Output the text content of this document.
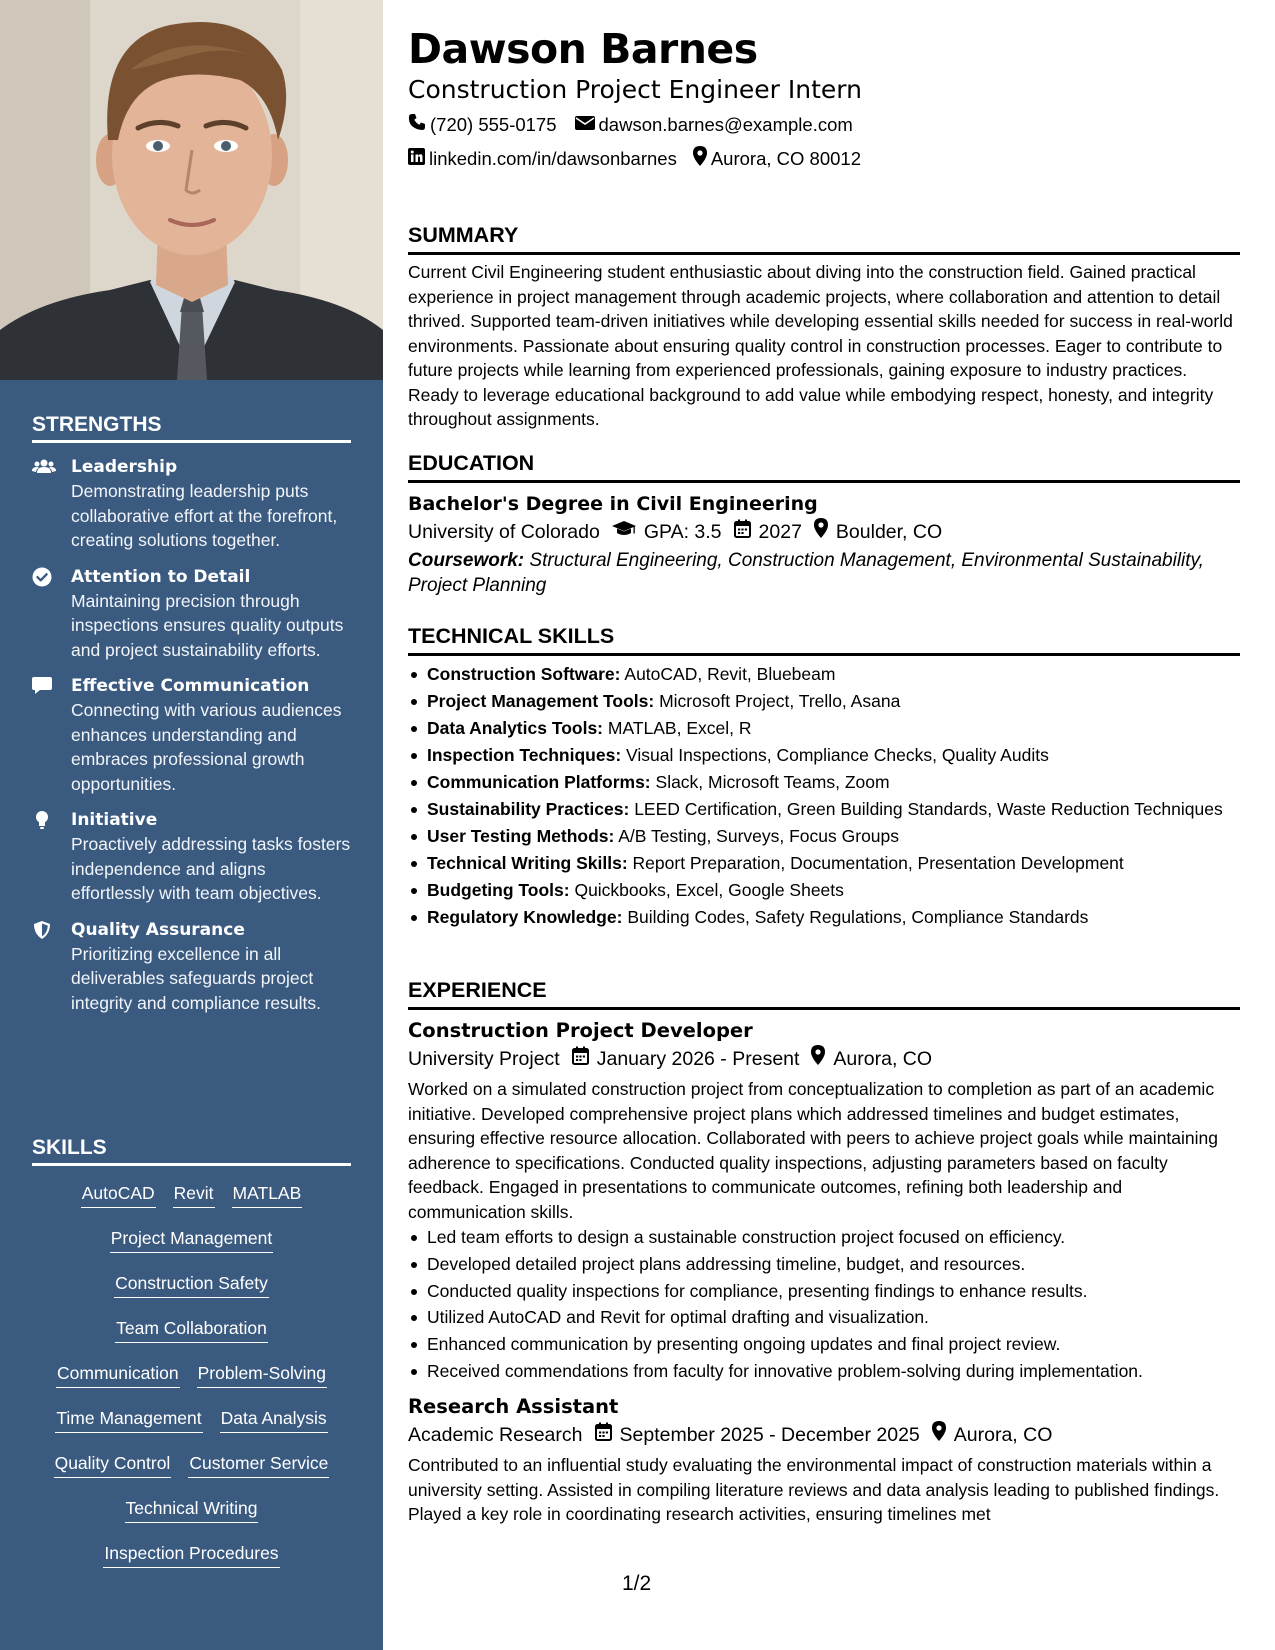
STRENGTHS
Leadership
Demonstrating leadership puts collaborative effort at the forefront, creating solutions together.
Attention to Detail
Maintaining precision through inspections ensures quality outputs and project sustainability efforts.
Effective Communication
Connecting with various audiences enhances understanding and embraces professional growth opportunities.
Initiative
Proactively addressing tasks fosters independence and aligns effortlessly with team objectives.
Quality Assurance
Prioritizing excellence in all deliverables safeguards project integrity and compliance results.
SKILLS
AutoCAD Revit MATLAB
Project Management
Construction Safety
Team Collaboration
Communication Problem-Solving
Time Management Data Analysis
Quality Control Customer Service
Technical Writing
Inspection Procedures
Dawson Barnes
Construction Project Engineer Intern
(720) 555-0175 dawson.barnes@example.com
linkedin.com/in/dawsonbarnes Aurora, CO 80012
SUMMARY
Current Civil Engineering student enthusiastic about diving into the construction field. Gained practical experience in project management through academic projects, where collaboration and attention to detail thrived. Supported team-driven initiatives while developing essential skills needed for success in real-world environments. Passionate about ensuring quality control in construction processes. Eager to contribute to future projects while learning from experienced professionals, gaining exposure to industry practices. Ready to leverage educational background to add value while embodying respect, honesty, and integrity throughout assignments.
EDUCATION
Bachelor's Degree in Civil Engineering
University of Colorado GPA: 3.5 2027 Boulder, CO
Coursework: Structural Engineering, Construction Management, Environmental Sustainability, Project Planning
TECHNICAL SKILLS
Construction Software: AutoCAD, Revit, Bluebeam
Project Management Tools: Microsoft Project, Trello, Asana
Data Analytics Tools: MATLAB, Excel, R
Inspection Techniques: Visual Inspections, Compliance Checks, Quality Audits
Communication Platforms: Slack, Microsoft Teams, Zoom
Sustainability Practices: LEED Certification, Green Building Standards, Waste Reduction Techniques
User Testing Methods: A/B Testing, Surveys, Focus Groups
Technical Writing Skills: Report Preparation, Documentation, Presentation Development
Budgeting Tools: Quickbooks, Excel, Google Sheets
Regulatory Knowledge: Building Codes, Safety Regulations, Compliance Standards
EXPERIENCE
Construction Project Developer
University Project January 2026 - Present Aurora, CO
Worked on a simulated construction project from conceptualization to completion as part of an academic initiative. Developed comprehensive project plans which addressed timelines and budget estimates, ensuring effective resource allocation. Collaborated with peers to achieve project goals while maintaining adherence to specifications. Conducted quality inspections, adjusting parameters based on faculty feedback. Engaged in presentations to communicate outcomes, refining both leadership and communication skills.
Led team efforts to design a sustainable construction project focused on efficiency.
Developed detailed project plans addressing timeline, budget, and resources.
Conducted quality inspections for compliance, presenting findings to enhance results.
Utilized AutoCAD and Revit for optimal drafting and visualization.
Enhanced communication by presenting ongoing updates and final project review.
Received commendations from faculty for innovative problem-solving during implementation.
Research Assistant
Academic Research September 2025 - December 2025 Aurora, CO
Contributed to an influential study evaluating the environmental impact of construction materials within a university setting. Assisted in compiling literature reviews and data analysis leading to published findings. Played a key role in coordinating research activities, ensuring timelines met
1/2
